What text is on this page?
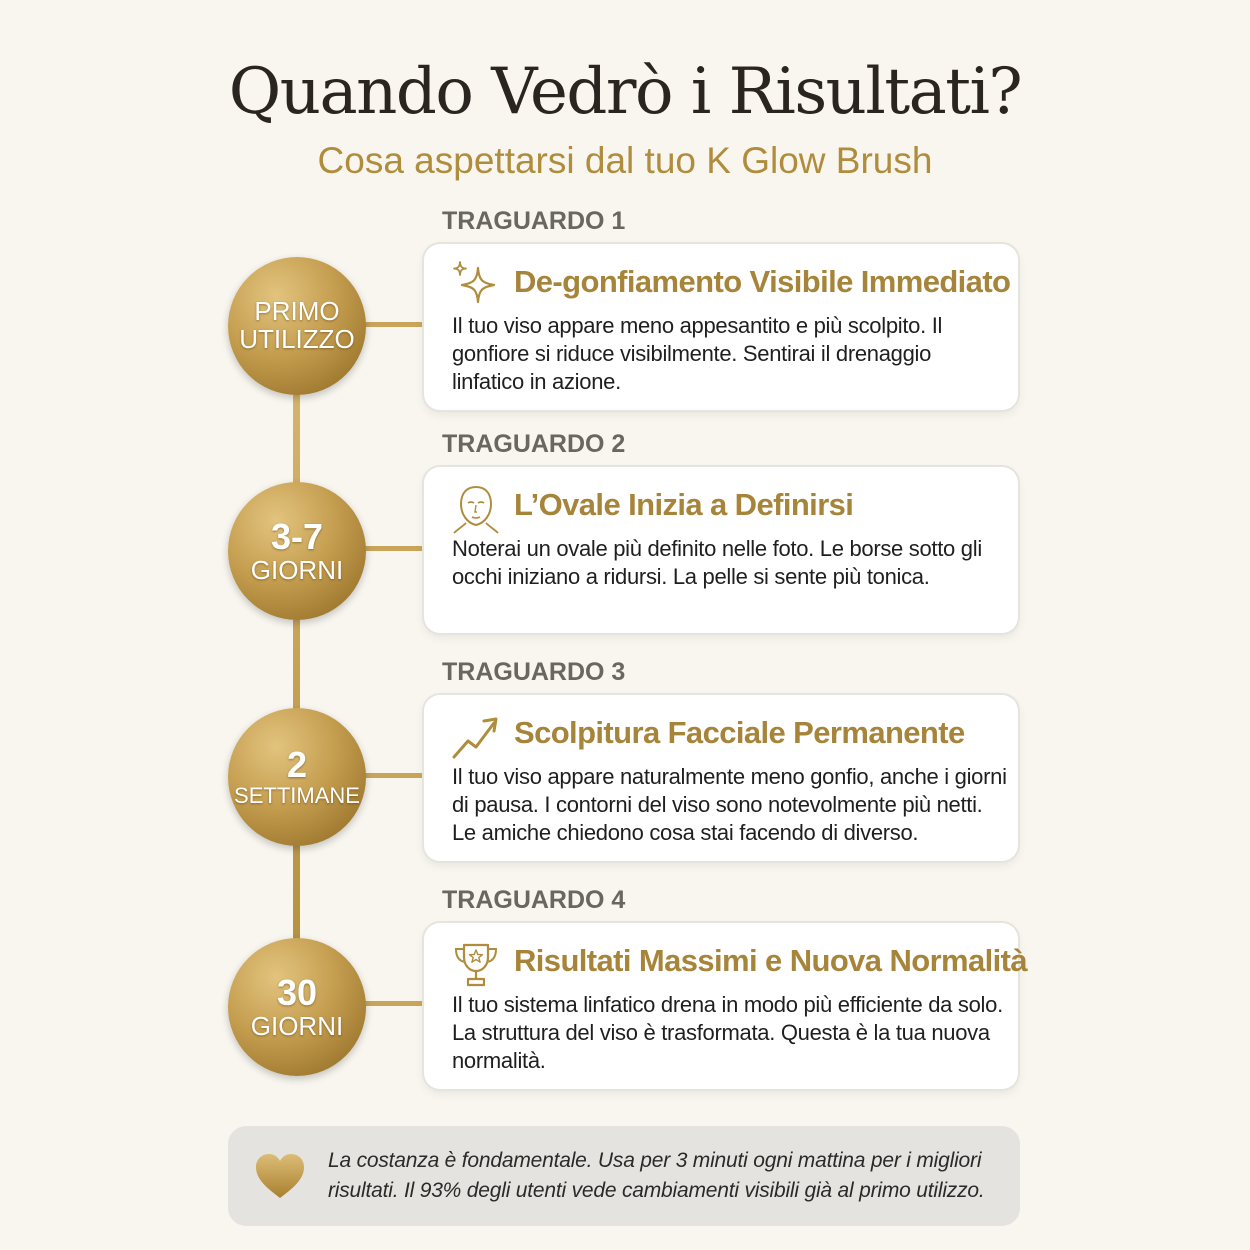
Quando Vedrò i Risultati?
Cosa aspettarsi dal tuo K Glow Brush
PRIMO
UTILIZZO
TRAGUARDO 1
De-gonfiamento Visibile Immediato
Il tuo viso appare meno appesantito e più scolpito. Il gonfiore si riduce visibilmente. Sentirai il drenaggio linfatico in azione.
3-7
GIORNI
TRAGUARDO 2
L’Ovale Inizia a Definirsi
Noterai un ovale più definito nelle foto. Le borse sotto gli occhi iniziano a ridursi. La pelle si sente più tonica.
2
SETTIMANE
TRAGUARDO 3
Scolpitura Facciale Permanente
Il tuo viso appare naturalmente meno gonfio, anche i giorni di pausa. I contorni del viso sono notevolmente più netti. Le amiche chiedono cosa stai facendo di diverso.
30
GIORNI
TRAGUARDO 4
Risultati Massimi e Nuova Normalità
Il tuo sistema linfatico drena in modo più efficiente da solo. La struttura del viso è trasformata. Questa è la tua nuova normalità.
La costanza è fondamentale. Usa per 3 minuti ogni mattina per i migliori risultati. Il 93% degli utenti vede cambiamenti visibili già al primo utilizzo.
